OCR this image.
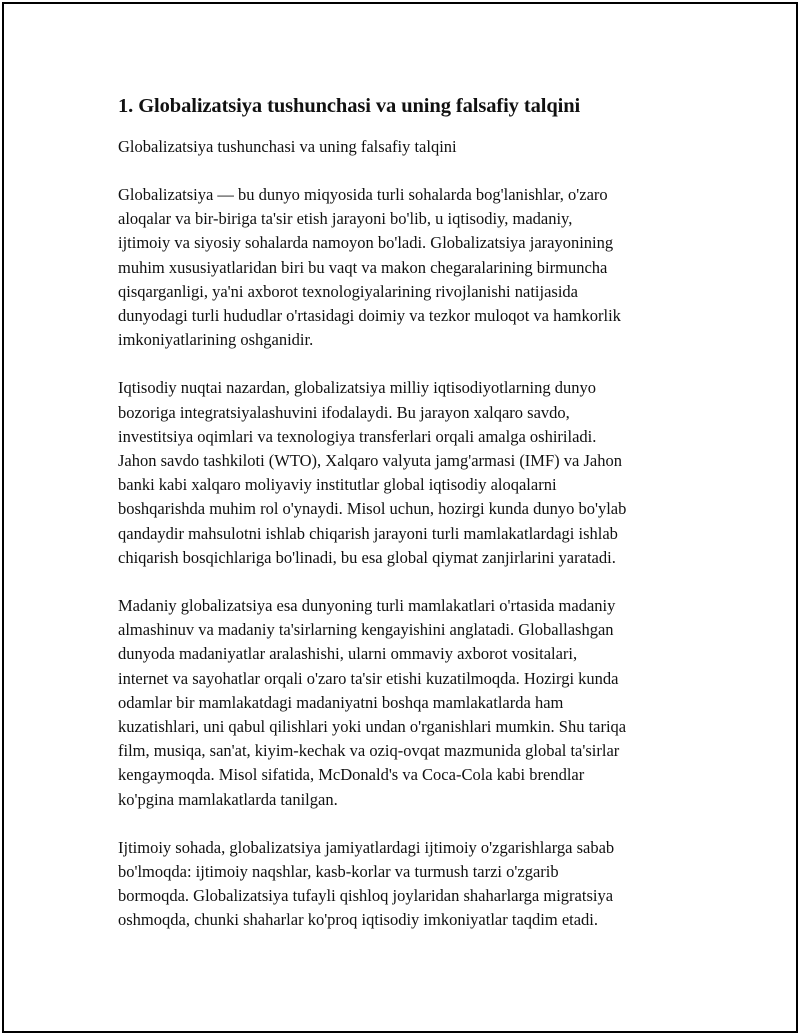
1. Globalizatsiya tushunchasi va uning falsafiy talqini
Globalizatsiya tushunchasi va uning falsafiy talqini

Globalizatsiya — bu dunyo miqyosida turli sohalarda bog'lanishlar, o'zaro
aloqalar va bir-biriga ta'sir etish jarayoni bo'lib, u iqtisodiy, madaniy,
ijtimoiy va siyosiy sohalarda namoyon bo'ladi. Globalizatsiya jarayonining
muhim xususiyatlaridan biri bu vaqt va makon chegaralarining birmuncha
qisqarganligi, ya'ni axborot texnologiyalarining rivojlanishi natijasida
dunyodagi turli hududlar o'rtasidagi doimiy va tezkor muloqot va hamkorlik
imkoniyatlarining oshganidir.

Iqtisodiy nuqtai nazardan, globalizatsiya milliy iqtisodiyotlarning dunyo
bozoriga integratsiyalashuvini ifodalaydi. Bu jarayon xalqaro savdo,
investitsiya oqimlari va texnologiya transferlari orqali amalga oshiriladi.
Jahon savdo tashkiloti (WTO), Xalqaro valyuta jamg'armasi (IMF) va Jahon
banki kabi xalqaro moliyaviy institutlar global iqtisodiy aloqalarni
boshqarishda muhim rol o'ynaydi. Misol uchun, hozirgi kunda dunyo bo'ylab
qandaydir mahsulotni ishlab chiqarish jarayoni turli mamlakatlardagi ishlab
chiqarish bosqichlariga bo'linadi, bu esa global qiymat zanjirlarini yaratadi.

Madaniy globalizatsiya esa dunyoning turli mamlakatlari o'rtasida madaniy
almashinuv va madaniy ta'sirlarning kengayishini anglatadi. Globallashgan
dunyoda madaniyatlar aralashishi, ularni ommaviy axborot vositalari,
internet va sayohatlar orqali o'zaro ta'sir etishi kuzatilmoqda. Hozirgi kunda
odamlar bir mamlakatdagi madaniyatni boshqa mamlakatlarda ham
kuzatishlari, uni qabul qilishlari yoki undan o'rganishlari mumkin. Shu tariqa
film, musiqa, san'at, kiyim-kechak va oziq-ovqat mazmunida global ta'sirlar
kengaymoqda. Misol sifatida, McDonald's va Coca-Cola kabi brendlar
ko'pgina mamlakatlarda tanilgan.

Ijtimoiy sohada, globalizatsiya jamiyatlardagi ijtimoiy o'zgarishlarga sabab
bo'lmoqda: ijtimoiy naqshlar, kasb-korlar va turmush tarzi o'zgarib
bormoqda. Globalizatsiya tufayli qishloq joylaridan shaharlarga migratsiya
oshmoqda, chunki shaharlar ko'proq iqtisodiy imkoniyatlar taqdim etadi.
